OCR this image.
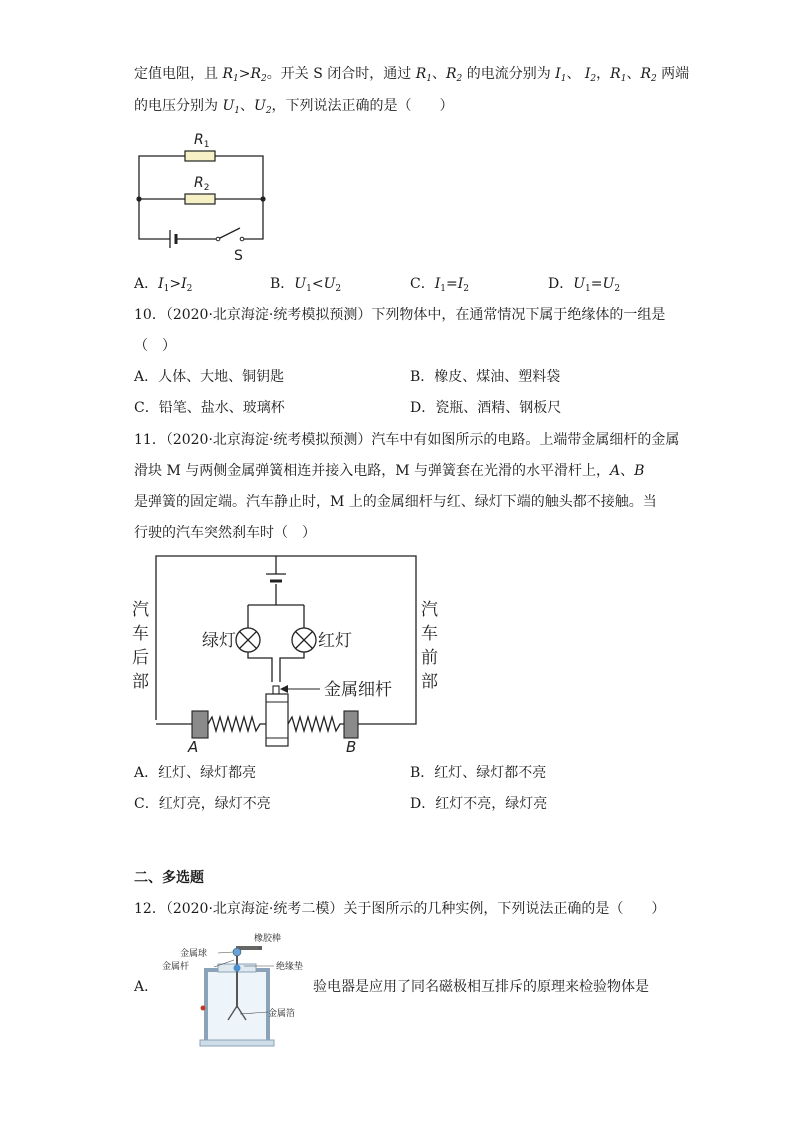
定值电阻，且 $R_1>R_2$。开关 S 闭合时，通过 $R_1$、$R_2$ 的电流分别为 $I_1$、 $I_2$，$R_1$、$R_2$ 两端
的电压分别为 $U_1$、$U_2$，下列说法正确的是（　　）
$R_1$
$R_2$
S
A．$I_1>I_2$	B．$U_1<U_2$	C．$I_1=I_2$	D．$U_1=U_2$
10．（2020·北京海淀·统考模拟预测）下列物体中，在通常情况下属于绝缘体的一组是
（　）
A．人体、大地、铜钥匙	B．橡皮、煤油、塑料袋
C．铅笔、盐水、玻璃杯	D．瓷瓶、酒精、钢板尺
11．（2020·北京海淀·统考模拟预测）汽车中有如图所示的电路。上端带金属细杆的金属
滑块 M 与两侧金属弹簧相连并接入电路，M 与弹簧套在光滑的水平滑杆上，A、B
是弹簧的固定端。汽车静止时，M 上的金属细杆与红、绿灯下端的触头都不接触。当
行驶的汽车突然刹车时（　）
汽
车
后
部
汽
车
前
部
绿灯	红灯
金属细杆
A	B
A．红灯、绿灯都亮	B．红灯、绿灯都不亮
C．红灯亮，绿灯不亮	D．红灯不亮，绿灯亮
二、多选题
12．（2020·北京海淀·统考二模）关于图所示的几种实例，下列说法正确的是（　　）
A．	验电器是应用了同名磁极相互排斥的原理来检验物体是
橡胶棒
金属球
金属杆	绝缘垫
金属箔
